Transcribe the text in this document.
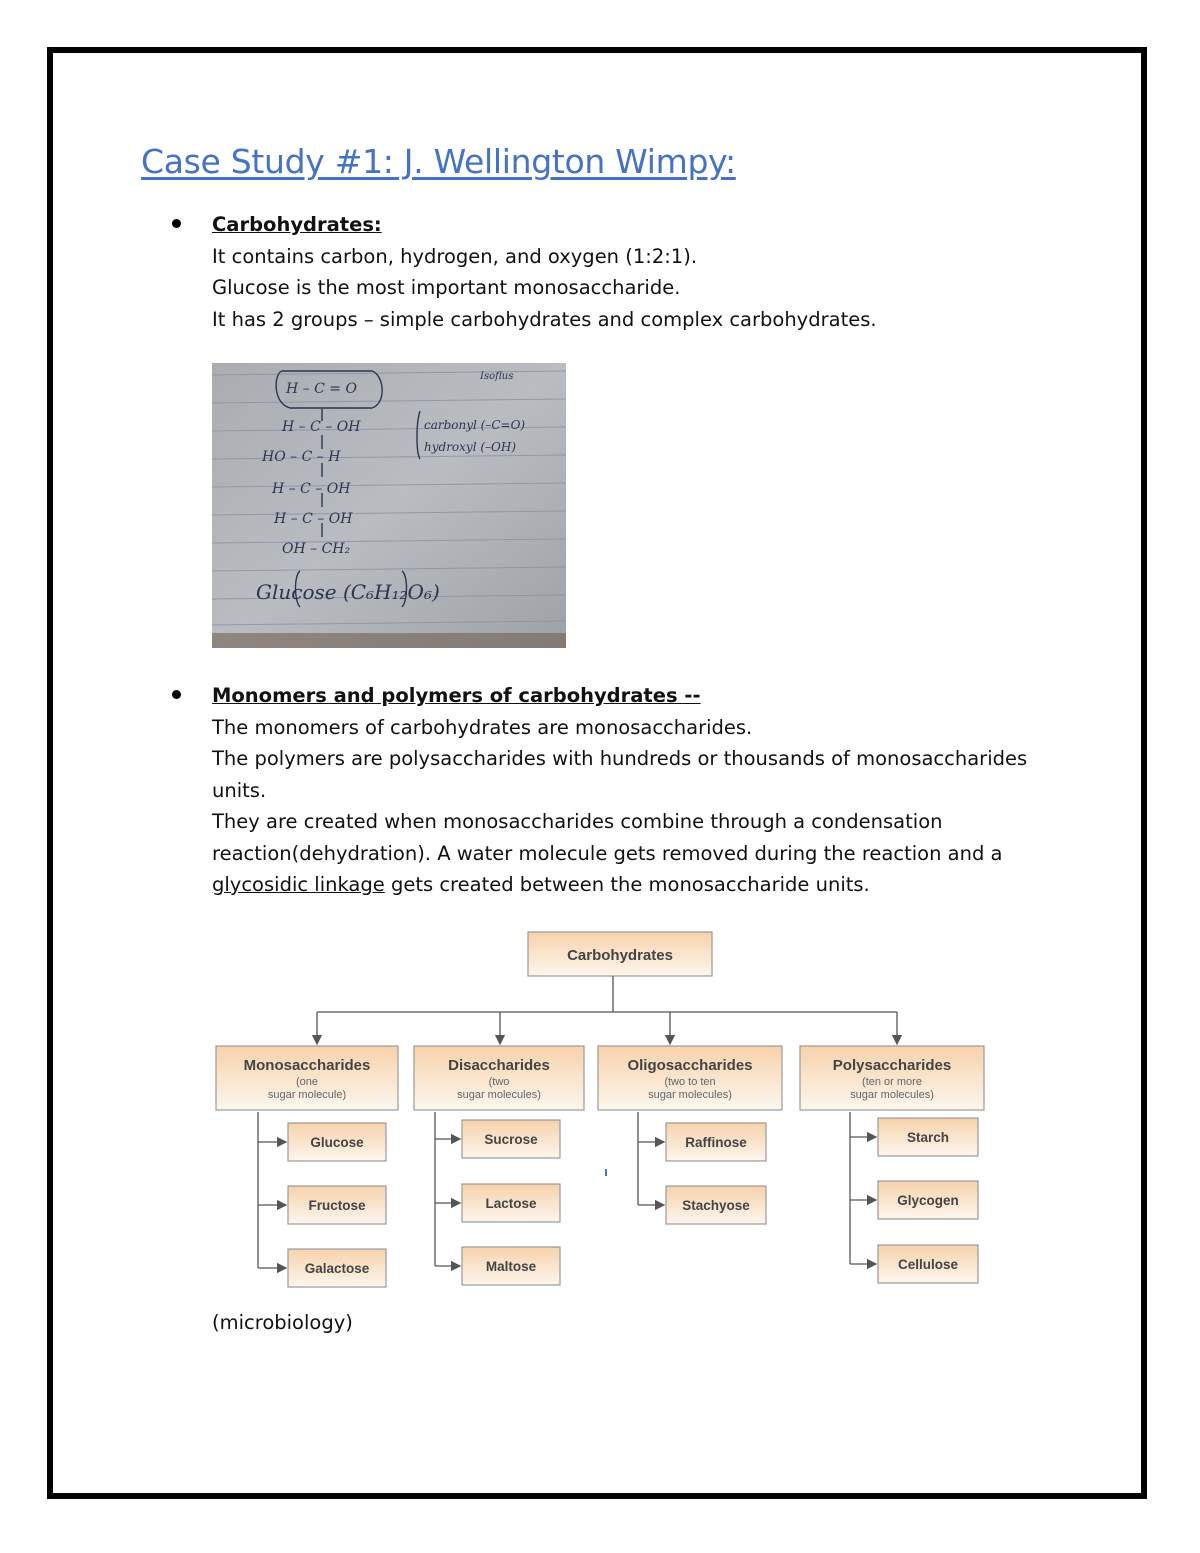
Case Study #1: J. Wellington Wimpy:
Carbohydrates:
It contains carbon, hydrogen, and oxygen (1:2:1).
Glucose is the most important monosaccharide.
It has 2 groups – simple carbohydrates and complex carbohydrates.
H – C = O
H – C – OH
HO – C – H
H – C – OH
H – C – OH
OH – CH₂
Glucose (C₆H₁₂O₆)
carbonyl (–C=O)
hydroxyl (–OH)
Isoflus
Monomers and polymers of carbohydrates --
The monomers of carbohydrates are monosaccharides.
The polymers are polysaccharides with hundreds or thousands of monosaccharides
units.
They are created when monosaccharides combine through a condensation
reaction(dehydration). A water molecule gets removed during the reaction and a
glycosidic linkage gets created between the monosaccharide units.
Carbohydrates
Monosaccharides
(one
sugar molecule)
Disaccharides
(two
sugar molecules)
Oligosaccharides
(two to ten
sugar molecules)
Polysaccharides
(ten or more
sugar molecules)
Glucose
Fructose
Galactose
Sucrose
Lactose
Maltose
Raffinose
Stachyose
Starch
Glycogen
Cellulose
(microbiology)
